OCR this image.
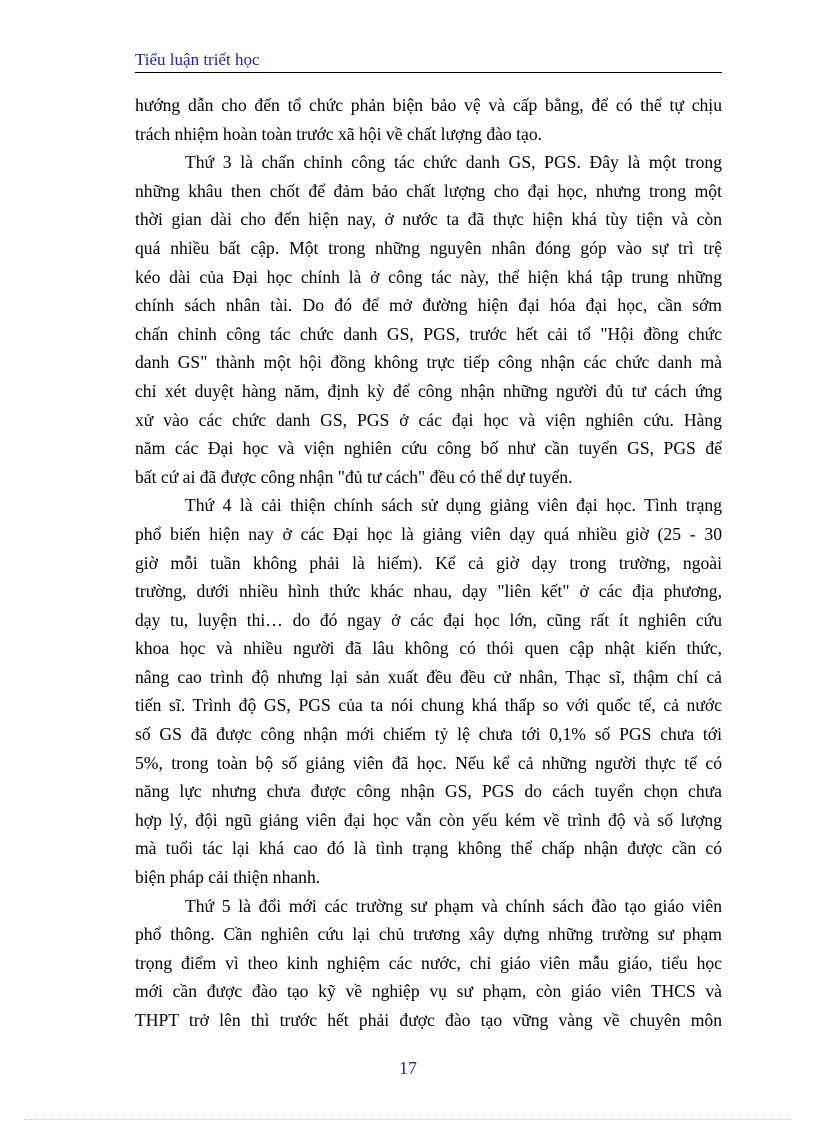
Tiểu luận triết học
hướng dẫn cho đến tổ chức phản biện bảo vệ và cấp bằng, để có thể tự chịu
trách nhiệm hoàn toàn trước xã hội về chất lượng đào tạo.
Thứ 3 là chấn chỉnh công tác chức danh GS, PGS. Đây là một trong
những khâu then chốt để đảm bảo chất lượng cho đại học, nhưng trong một
thời gian dài cho đến hiện nay, ở nước ta đã thực hiện khá tùy tiện và còn
quá nhiều bất cập. Một trong những nguyên nhân đóng góp vào sự trì trệ
kéo dài của Đại học chính là ở công tác này, thể hiện khá tập trung những
chính sách nhân tài. Do đó để mở đường hiện đại hóa đại học, cần sớm
chấn chỉnh công tác chức danh GS, PGS, trước hết cải tổ "Hội đồng chức
danh GS" thành một hội đồng không trực tiếp công nhận các chức danh mà
chỉ xét duyệt hàng năm, định kỳ để công nhận những người đủ tư cách ứng
xử vào các chức danh GS, PGS ở các đại học và viện nghiên cứu. Hàng
năm các Đại học và viện nghiên cứu công bố như cần tuyển GS, PGS để
bất cứ ai đã được công nhận "đủ tư cách" đều có thể dự tuyển.
Thứ 4 là cải thiện chính sách sử dụng giảng viên đại học. Tình trạng
phổ biến hiện nay ở các Đại học là giảng viên dạy quá nhiều giờ (25 - 30
giờ mỗi tuần không phải là hiếm). Kể cả giờ dạy trong trường, ngoài
trường, dưới nhiều hình thức khác nhau, dạy "liên kết" ở các địa phương,
dạy tu, luyện thi… do đó ngay ở các đại học lớn, cũng rất ít nghiên cứu
khoa học và nhiều người đã lâu không có thói quen cập nhật kiến thức,
nâng cao trình độ nhưng lại sản xuất đều đều cử nhân, Thạc sĩ, thậm chí cả
tiến sĩ. Trình độ GS, PGS của ta nói chung khá thấp so với quốc tế, cả nước
số GS đã được công nhận mới chiếm tỷ lệ chưa tới 0,1% số PGS chưa tới
5%, trong toàn bộ số giảng viên đã học. Nếu kể cả những người thực tế có
năng lực nhưng chưa được công nhận GS, PGS do cách tuyển chọn chưa
hợp lý, đội ngũ giảng viên đại học vẫn còn yếu kém về trình độ và số lượng
mà tuổi tác lại khá cao đó là tình trạng không thể chấp nhận được cần có
biện pháp cải thiện nhanh.
Thứ 5 là đổi mới các trường sư phạm và chính sách đào tạo giáo viên
phổ thông. Cần nghiên cứu lại chủ trương xây dựng những trường sư phạm
trọng điểm vì theo kinh nghiệm các nước, chỉ giáo viên mẫu giáo, tiểu học
mới cần được đào tạo kỹ về nghiệp vụ sư phạm, còn giáo viên THCS và
THPT trở lên thì trước hết phải được đào tạo vững vàng về chuyên môn
17
